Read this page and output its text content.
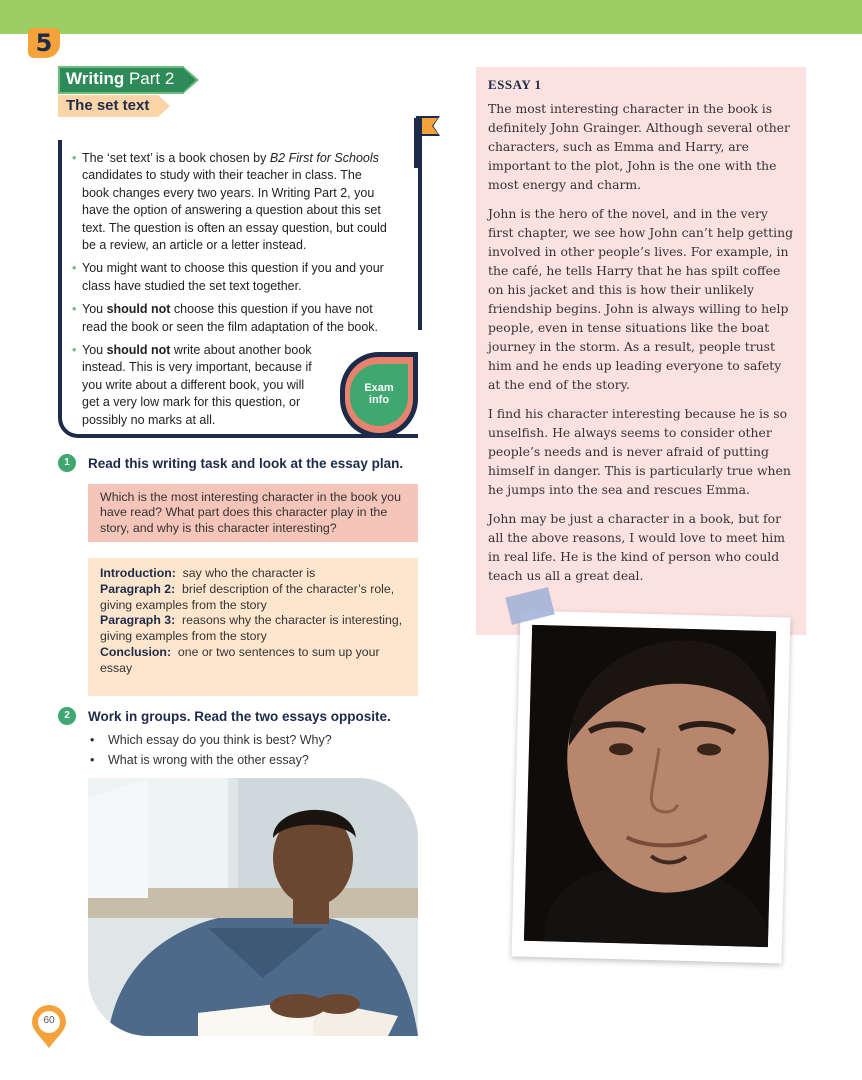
5
Writing Part 2
The set text
• The ‘set text’ is a book chosen by B2 First for Schools candidates to study with their teacher in class. The book changes every two years. In Writing Part 2, you have the option of answering a question about this set text. The question is often an essay question, but could be a review, an article or a letter instead.
• You might want to choose this question if you and your class have studied the set text together.
• You should not choose this question if you have not read the book or seen the film adaptation of the book.
• You should not write about another book instead. This is very important, because if you write about a different book, you will get a very low mark for this question, or possibly no marks at all.
Exam
info
1	Read this writing task and look at the essay plan.
Which is the most interesting character in the book you have read? What part does this character play in the story, and why is this character interesting?

Introduction: say who the character is

Paragraph 2: brief description of the character’s role, giving examples from the story

Paragraph 3: reasons why the character is interesting, giving examples from the story

Conclusion: one or two sentences to sum up your essay

2	Work in groups. Read the two essays opposite.
• Which essay do you think is best? Why?
• What is wrong with the other essay?
60
ESSAY 1

The most interesting character in the book is definitely John Grainger. Although several other characters, such as Emma and Harry, are important to the plot, John is the one with the most energy and charm.

John is the hero of the novel, and in the very first chapter, we see how John can’t help getting involved in other people’s lives. For example, in the café, he tells Harry that he has spilt coffee on his jacket and this is how their unlikely friendship begins. John is always willing to help people, even in tense situations like the boat journey in the storm. As a result, people trust him and he ends up leading everyone to safety at the end of the story.

I find his character interesting because he is so unselfish. He always seems to consider other people’s needs and is never afraid of putting himself in danger. This is particularly true when he jumps into the sea and rescues Emma.

John may be just a character in a book, but for all the above reasons, I would love to meet him in real life. He is the kind of person who could teach us all a great deal.
